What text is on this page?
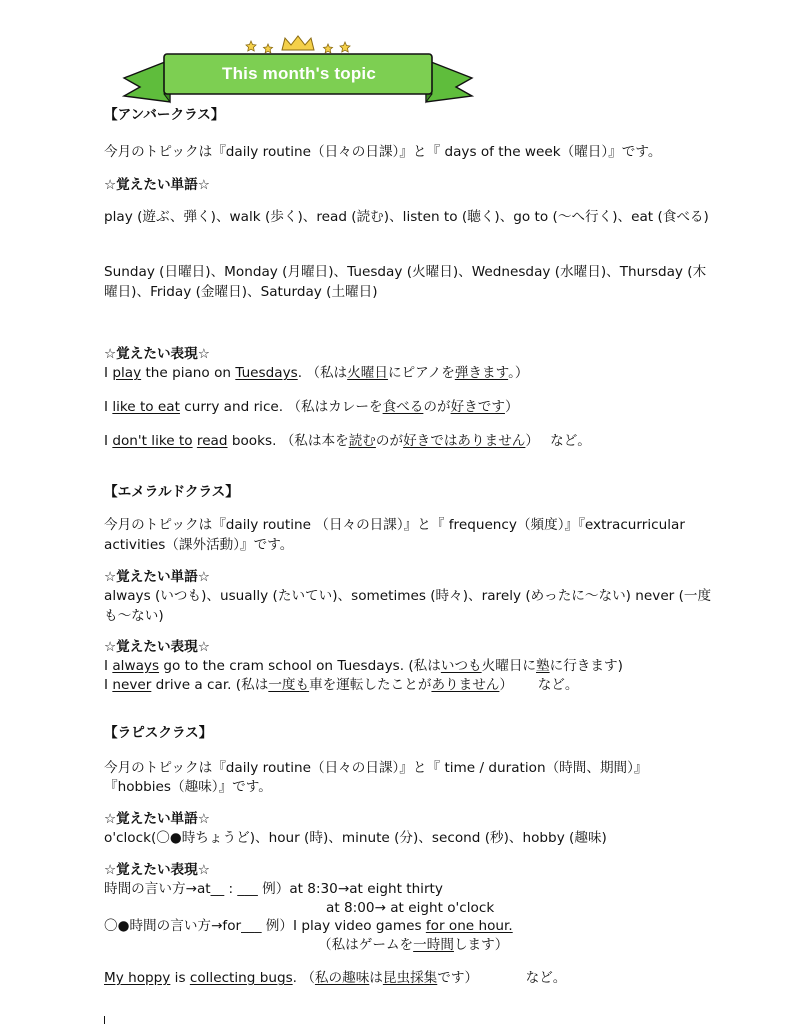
This month's topic
【アンバークラス】
今月のトピックは『daily routine（日々の日課）』と『 days of the week（曜日）』です。
☆覚えたい単語☆
play (遊ぶ、弾く)、walk (歩く)、read (読む)、listen to (聴く)、go to (〜へ行く)、eat (食べる)
Sunday (日曜日)、Monday (月曜日)、Tuesday (火曜日)、Wednesday (水曜日)、Thursday (木曜日)、Friday (金曜日)、Saturday (土曜日)
☆覚えたい表現☆
I play the piano on Tuesdays. （私は火曜日にピアノを弾きます。）
I like to eat curry and rice. （私はカレーを食べるのが好きです）
I don't like to read books. （私は本を読むのが好きではありません）　 など。
【エメラルドクラス】
今月のトピックは『daily routine （日々の日課）』と『 frequency（頻度）』『extracurricular activities（課外活動）』です。
☆覚えたい単語☆
always (いつも)、usually (たいてい)、sometimes (時々)、rarely (めったに〜ない) never (一度も〜ない)
☆覚えたい表現☆
I always go to the cram school on Tuesdays. (私はいつも火曜日に塾に行きます)
I never drive a car. (私は一度も車を運転したことがありません）　　 など。
【ラピスクラス】
今月のトピックは『daily routine（日々の日課）』と『 time / duration（時間、期間）』
『hobbies（趣味）』です。
☆覚えたい単語☆
o'clock(〇●時ちょうど)、hour (時)、minute (分)、second (秒)、hobby (趣味)
☆覚えたい表現☆
時間の言い方→at__ : ___ 例）at 8:30→at eight thirty
at 8:00→ at eight o'clock
〇●時間の言い方→for___ 例）I play video games for one hour.
（私はゲームを一時間します）
My hoppy is collecting bugs. （私の趣味は昆虫採集です）　　　　など。
